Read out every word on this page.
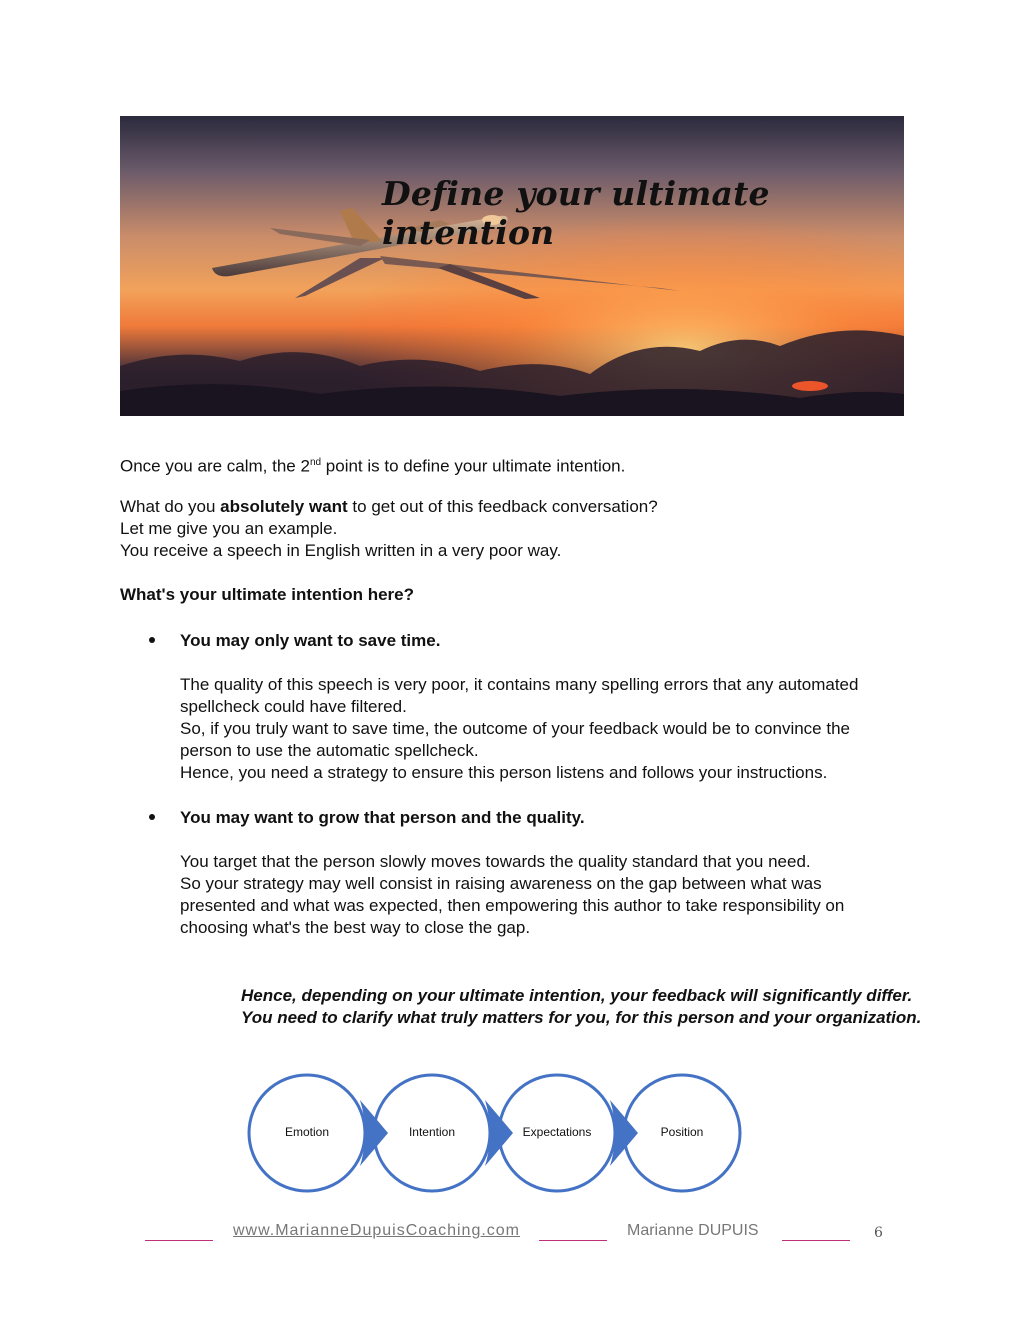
Define your ultimate intention
Once you are calm, the 2nd point is to define your ultimate intention.
What do you absolutely want to get out of this feedback conversation?
Let me give you an example.
You receive a speech in English written in a very poor way.
What's your ultimate intention here?
You may only want to save time.
The quality of this speech is very poor, it contains many spelling errors that any automated
spellcheck could have filtered.
So, if you truly want to save time, the outcome of your feedback would be to convince the
person to use the automatic spellcheck.
Hence, you need a strategy to ensure this person listens and follows your instructions.
You may want to grow that person and the quality.
You target that the person slowly moves towards the quality standard that you need.
So your strategy may well consist in raising awareness on the gap between what was
presented and what was expected, then empowering this author to take responsibility on
choosing what's the best way to close the gap.
Hence, depending on your ultimate intention, your feedback will significantly differ.
You need to clarify what truly matters for you, for this person and your organization.
Emotion	Intention	Expectations	Position
www.MarianneDupuisCoaching.com	Marianne DUPUIS	6
